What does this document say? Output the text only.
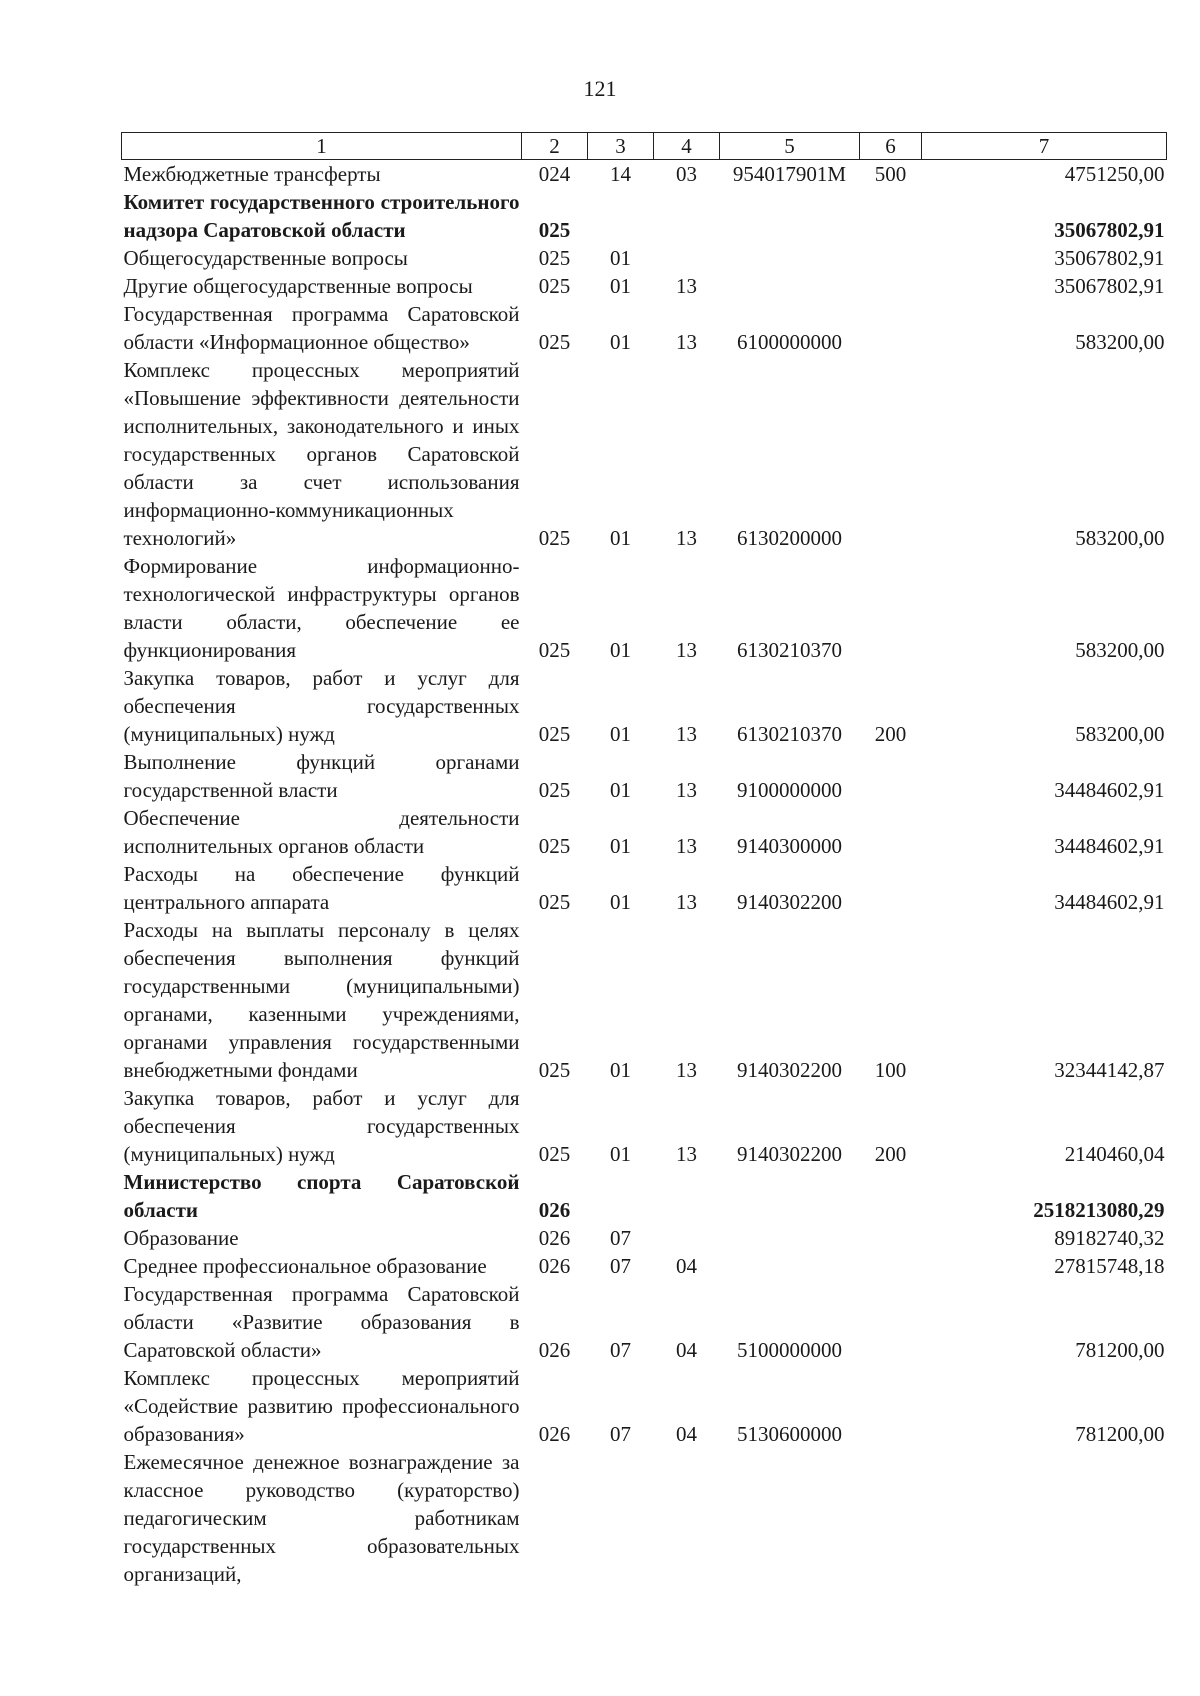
121
1	2	3	4	5	6	7
Межбюджетные трансферты	024	14	03	954017901М	500	4751250,00
Комитет государственного строительного надзора Саратовской области	025					35067802,91
Общегосударственные вопросы	025	01				35067802,91
Другие общегосударственные вопросы	025	01	13			35067802,91
Государственная программа Саратовской области «Информационное общество»	025	01	13	6100000000		583200,00
Комплекс процессных мероприятий «Повышение эффективности деятельности исполнительных, законодательного и иных государственных органов Саратовской области за счет использования информационно-коммуникационных технологий»	025	01	13	6130200000		583200,00
Формирование информационно-технологической инфраструктуры органов власти области, обеспечение ее функционирования	025	01	13	6130210370		583200,00
Закупка товаров, работ и услуг для обеспечения государственных (муниципальных) нужд	025	01	13	6130210370	200	583200,00
Выполнение функций органами государственной власти	025	01	13	9100000000		34484602,91
Обеспечение деятельности исполнительных органов области	025	01	13	9140300000		34484602,91
Расходы на обеспечение функций центрального аппарата	025	01	13	9140302200		34484602,91
Расходы на выплаты персоналу в целях обеспечения выполнения функций государственными (муниципальными) органами, казенными учреждениями, органами управления государственными внебюджетными фондами	025	01	13	9140302200	100	32344142,87
Закупка товаров, работ и услуг для обеспечения государственных (муниципальных) нужд	025	01	13	9140302200	200	2140460,04
Министерство спорта Саратовской области	026					2518213080,29
Образование	026	07				89182740,32
Среднее профессиональное образование	026	07	04			27815748,18
Государственная программа Саратовской области «Развитие образования в Саратовской области»	026	07	04	5100000000		781200,00
Комплекс процессных мероприятий «Содействие развитию профессионального образования»	026	07	04	5130600000		781200,00
Ежемесячное денежное вознаграждение за классное руководство (кураторство) педагогическим работникам государственных образовательных организаций,						
